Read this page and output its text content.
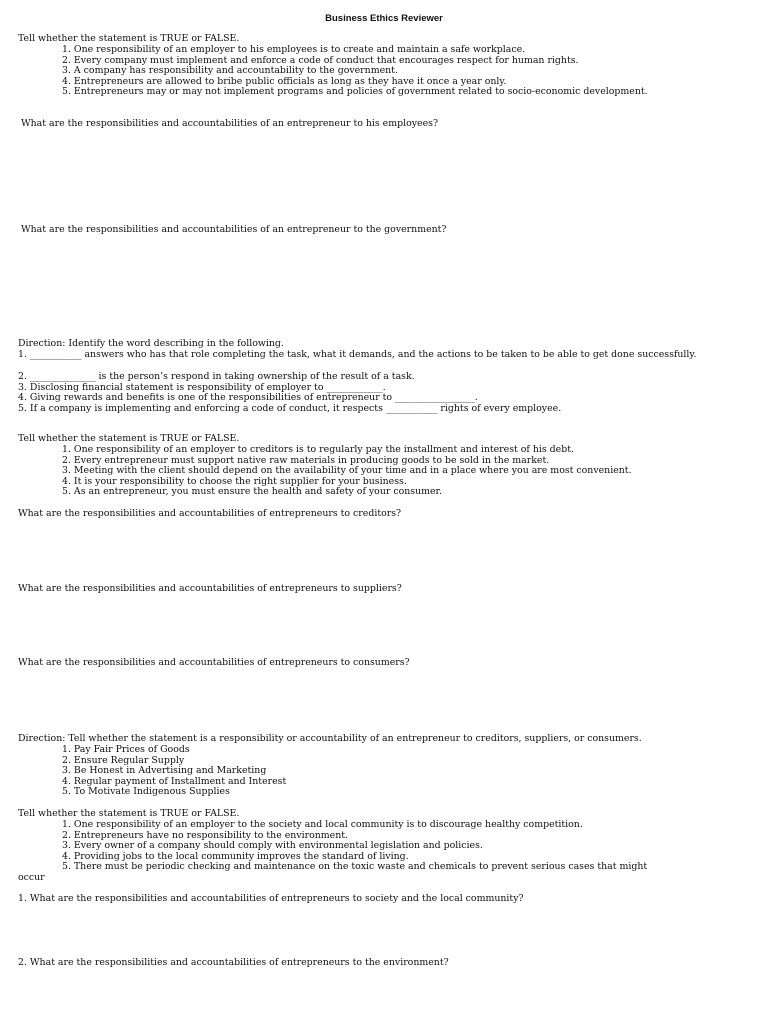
Business Ethics Reviewer
Tell whether the statement is TRUE or FALSE.
1. One responsibility of an employer to his employees is to create and maintain a safe workplace.
2. Every company must implement and enforce a code of conduct that encourages respect for human rights.
3. A company has responsibility and accountability to the government.
4. Entrepreneurs are allowed to bribe public officials as long as they have it once a year only.
5. Entrepreneurs may or may not implement programs and policies of government related to socio-economic development.
What are the responsibilities and accountabilities of an entrepreneur to his employees?
What are the responsibilities and accountabilities of an entrepreneur to the government?
Direction: Identify the word describing in the following.
1. ___________ answers who has that role completing the task, what it demands, and the actions to be taken to be able to get done successfully.
2. ______________ is the person’s respond in taking ownership of the result of a task.
3. Disclosing financial statement is responsibility of employer to ____________.
4. Giving rewards and benefits is one of the responsibilities of entrepreneur to _________________.
5. If a company is implementing and enforcing a code of conduct, it respects ___________ rights of every employee.
Tell whether the statement is TRUE or FALSE.
1. One responsibility of an employer to creditors is to regularly pay the installment and interest of his debt.
2. Every entrepreneur must support native raw materials in producing goods to be sold in the market.
3. Meeting with the client should depend on the availability of your time and in a place where you are most convenient.
4. It is your responsibility to choose the right supplier for your business.
5. As an entrepreneur, you must ensure the health and safety of your consumer.
What are the responsibilities and accountabilities of entrepreneurs to creditors?
What are the responsibilities and accountabilities of entrepreneurs to suppliers?
What are the responsibilities and accountabilities of entrepreneurs to consumers?
Direction: Tell whether the statement is a responsibility or accountability of an entrepreneur to creditors, suppliers, or consumers.
1. Pay Fair Prices of Goods
2. Ensure Regular Supply
3. Be Honest in Advertising and Marketing
4. Regular payment of Installment and Interest
5. To Motivate Indigenous Supplies
Tell whether the statement is TRUE or FALSE.
1. One responsibility of an employer to the society and local community is to discourage healthy competition.
2. Entrepreneurs have no responsibility to the environment.
3. Every owner of a company should comply with environmental legislation and policies.
4. Providing jobs to the local community improves the standard of living.
5. There must be periodic checking and maintenance on the toxic waste and chemicals to prevent serious cases that might
occur
1. What are the responsibilities and accountabilities of entrepreneurs to society and the local community?
2. What are the responsibilities and accountabilities of entrepreneurs to the environment?
